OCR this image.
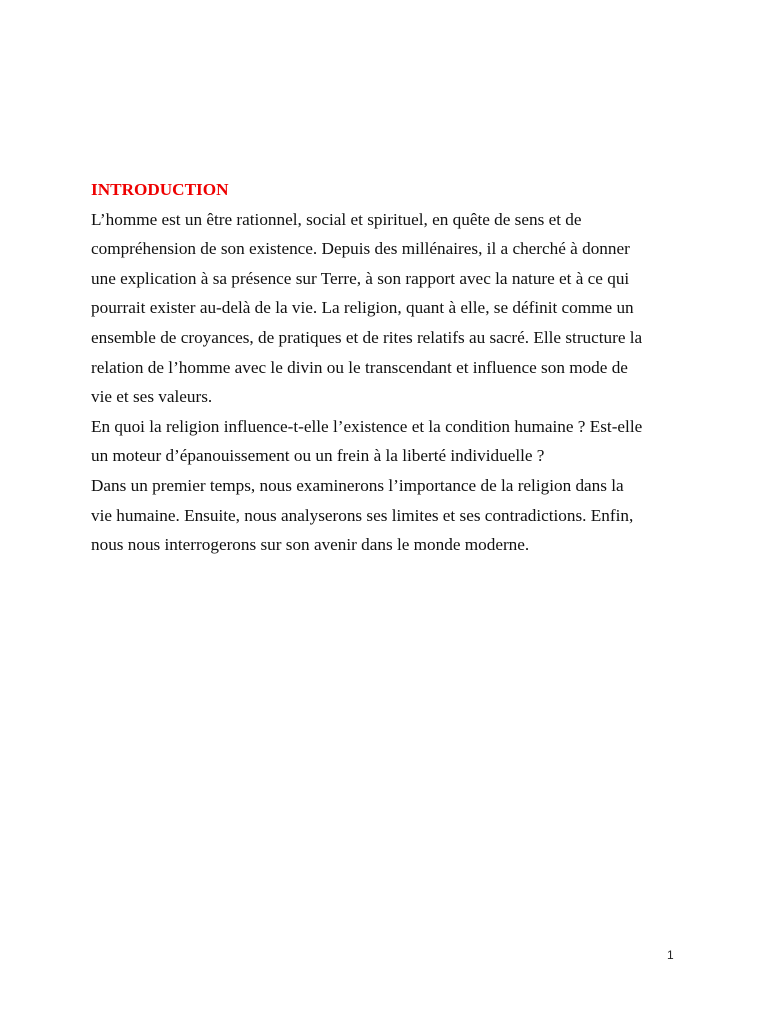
INTRODUCTION

L’homme est un être rationnel, social et spirituel, en quête de sens et de
compréhension de son existence. Depuis des millénaires, il a cherché à donner
une explication à sa présence sur Terre, à son rapport avec la nature et à ce qui
pourrait exister au-delà de la vie. La religion, quant à elle, se définit comme un
ensemble de croyances, de pratiques et de rites relatifs au sacré. Elle structure la
relation de l’homme avec le divin ou le transcendant et influence son mode de
vie et ses valeurs.

En quoi la religion influence-t-elle l’existence et la condition humaine ? Est-elle
un moteur d’épanouissement ou un frein à la liberté individuelle ?

Dans un premier temps, nous examinerons l’importance de la religion dans la
vie humaine. Ensuite, nous analyserons ses limites et ses contradictions. Enfin,
nous nous interrogerons sur son avenir dans le monde moderne.

1
